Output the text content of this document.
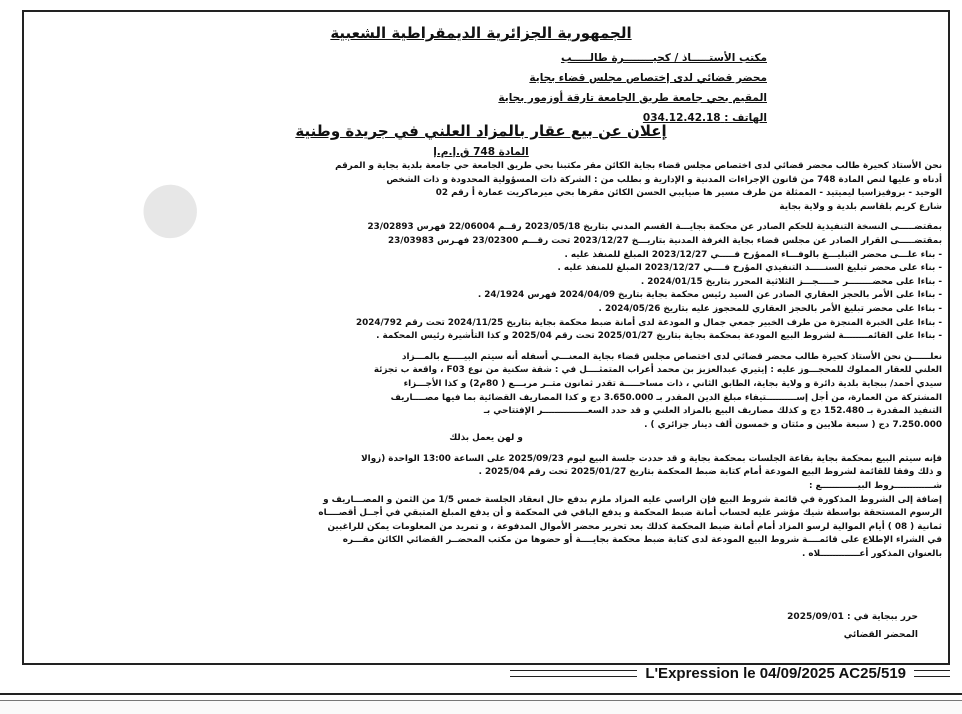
●
الجمهورية الجزائرية الديمقراطية الشعبية
مكتب الأستـــــاذ / كحيــــــــرة طالـــــب
محضر قضائي لدى إختصاص مجلس قضاء بجاية
المقيم بحي جامعة طريق الجامعة تارقة أوزمور بجاية
الهاتف : 034.12.42.18
إعلان عن بيع عقار بالمزاد العلني في جريدة وطنية
المادة 748 ق.إ.م.إ

نحن الأستاذ كحيرة طالب محضر قضائي لدى اختصاص مجلس قضاء بجاية الكائن مقر مكتبنا بحي طريق الجامعة حي جامعة بلدية بجاية و المرقم

أدناه و عليها لنص المادة 748 من قانون الإجراءات المدنية و الإدارية و بطلب من : الشركة ذات المسؤولية المحدودة و ذات الشخص

الوحيد - بروفيزاسيا ليميتيد - الممثلة من طرف مسير ها صيايبي الحسن الكائن مقرها بحي ميرماكريت عمارة أ رقم 02

شارع كريم بلقاسم بلدية و ولاية بجاية

بمقتضـــــى النسخة التنفيذية للحكم الصادر عن محكمة بجايـــة القسم المدني بتاريخ 2023/05/18 رقــم 22/06004 فهرس 23/02893

بمقتضـــــى القرار الصادر عن مجلس قضاء بجاية الغرفة المدنية بتاريـــخ 2023/12/27 تحت رقـــم 23/02300 فهـرس 23/03983

- بناء علـــى محضر التبليـــغ بالوفـــاء الممؤرخ فـــــي 2023/12/27 المبلغ للمنفذ عليه .

- بناء على محضر تبليغ السنـــــد التنفيذي المؤرخ فــــي 2023/12/27 المبلغ للمنفذ عليه .

- بناءا على محضــــــــر حـــــجـــز الثلاثية المحرر بتاريخ 2024/01/15 .

- بناءا على الأمر بالحجز العقاري الصادر عن السيد رئيس محكمة بجاية بتاريخ 2024/04/09 فهرس 24/1924 .

- بناءا على محضر تبليغ الأمر بالحجز العقاري للمحجوز عليه بتاريخ 2024/05/26 .

- بناءا على الخبرة المنجزة من طرف الخبير جمعي جمال و المودعة لدى أمانة ضبط محكمة بجاية بتاريخ 2024/11/25 تحت رقم 2024/792

- بناءا على القائمــــــــة لشروط البيع المودعة بمحكمة بجاية بتاريخ 2025/01/27 تحت رقم 2025/04 و كذا التأشيرة رئيس المحكمة .

نعلــــــن نحن الأستاذ كحيرة طالب محضر قضائي لدى اختصاص مجلس قضاء بجاية المعنـــي أسفله أنه سيتم البيـــــع بالمـــزاد

العلني للعقار المملوك للمحجـــوز عليه : إيتيري عبدالعزيز بن محمد أعراب المتمثــــل في : شقة سكنية من نوع F03 ، واقعة ب تجزئة

سيدي أحمد/ ببجاية بلدية دائرة و ولاية بجاية، الطابق الثاني ، ذات مساحـــــة تقدر ثمانون متــر مربـــع ( 80م2) و كذا الأجـــزاء

المشتركة من العمارة، من أجل إســــــــــتيفاء مبلغ الدين المقدر بـ 3.650.000 دج و كذا المصاريف القضائية بما فيها مصــــاريف

التنفيذ المقدرة بـ 152.480 دج و كذلك مصاريف البيع بالمزاد العلني و قد حدد السعـــــــــــــــر الإفتتاحي بـ

7.250.000 دج ( سبعة ملايين و مئتان و خمسون ألف دينار جزائري ) .

و لهن يعمل بذلك

فإنه سيتم البيع بمحكمة بجاية بقاعة الجلسات بمحكمة بجاية و قد حددت جلسة البيع ليوم 2025/09/23 على الساعة 13:00 الواحدة (زوالا

و ذلك وفقا للقائمة لشروط البيع المودعة أمام كتابة ضبط المحكمة بتاريخ 2025/01/27 تحت رقم 2025/04 .

شـــــــــــــروط البيــــــــــــع :

إضافة إلى الشروط المذكورة في قائمة شروط البيع فإن الراسي عليه المزاد ملزم بدفع حال انعقاد الجلسة خمس 1/5 من الثمن و المصـــاريف و

الرسوم المستحقة بواسطة شيك مؤشر عليه لحساب أمانة ضبط المحكمة و يدفع الباقي في المحكمة و أن يدفع المبلغ المتبقي في أجــل أقصــــاه

ثمانية ( 08 ) أيام الموالية لرسو المزاد أمام أمانة ضبط المحكمة كذلك بعد تحرير محضر الأموال المدفوعة ، و تمريد من المعلومات يمكن للراغبين

في الشراء الإطلاع على قائمــــة شروط البيع المودعة لدى كتابة ضبط محكمة بجايــــة أو حضوها من مكتب المحضــر القضائي الكائن مقـــره

بالعنوان المذكور أعـــــــــــــلاه .

حرر ببجاية في : 2025/09/01
المحضر القضائي
L'Expression le 04/09/2025 AC25/519
